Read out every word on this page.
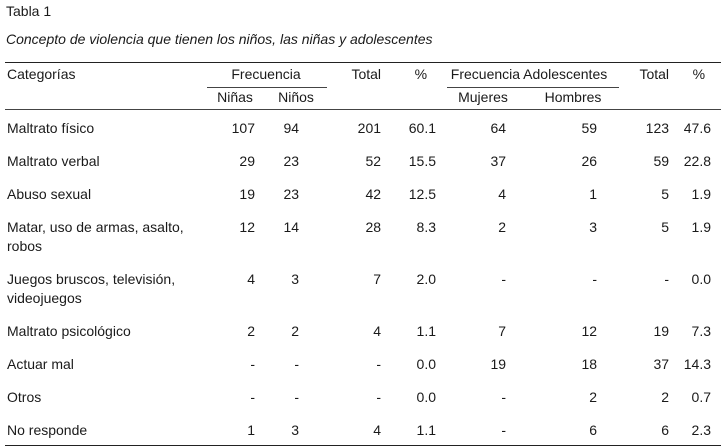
Tabla 1

Concepto de violencia que tienen los niños, las niñas y adolescentes

Categorías	Frecuencia		Total	%	Frecuencia Adolescentes		Total	%
	Niñas	Niños			Mujeres	Hombres		
Maltrato físico	107	94	201	60.1	64	59	123	47.6
Maltrato verbal	29	23	52	15.5	37	26	59	22.8
Abuso sexual	19	23	42	12.5	4	1	5	1.9
Matar, uso de armas, asalto, robos	12	14	28	8.3	2	3	5	1.9
Juegos bruscos, televisión, videojuegos	4	3	7	2.0	-	-	-	0.0
Maltrato psicológico	2	2	4	1.1	7	12	19	7.3
Actuar mal	-	-	-	0.0	19	18	37	14.3
Otros	-	-	-	0.0	-	2	2	0.7
No responde	1	3	4	1.1	-	6	6	2.3
